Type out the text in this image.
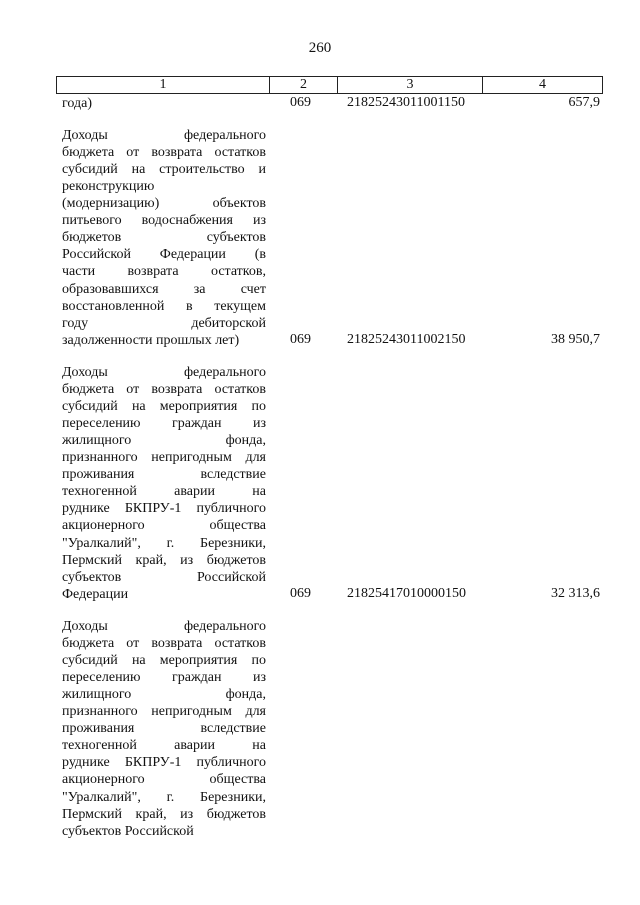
260
1	2	3	4
года)	069	21825243011001150	657,9
Доходы федерального
бюджета от возврата остатков
субсидий на строительство и
реконструкцию
(модернизацию) объектов
питьевого водоснабжения из
бюджетов субъектов
Российской Федерации (в
части возврата остатков,
образовавшихся за счет
восстановленной в текущем
году дебиторской
задолженности прошлых лет)	069	21825243011002150	38 950,7
Доходы федерального
бюджета от возврата остатков
субсидий на мероприятия по
переселению граждан из
жилищного фонда,
признанного непригодным для
проживания вследствие
техногенной аварии на
руднике БКПРУ-1 публичного
акционерного общества
"Уралкалий", г. Березники,
Пермский край, из бюджетов
субъектов Российской
Федерации	069	21825417010000150	32 313,6
Доходы федерального
бюджета от возврата остатков
субсидий на мероприятия по
переселению граждан из
жилищного фонда,
признанного непригодным для
проживания вследствие
техногенной аварии на
руднике БКПРУ-1 публичного
акционерного общества
"Уралкалий", г. Березники,
Пермский край, из бюджетов
субъектов Российской
